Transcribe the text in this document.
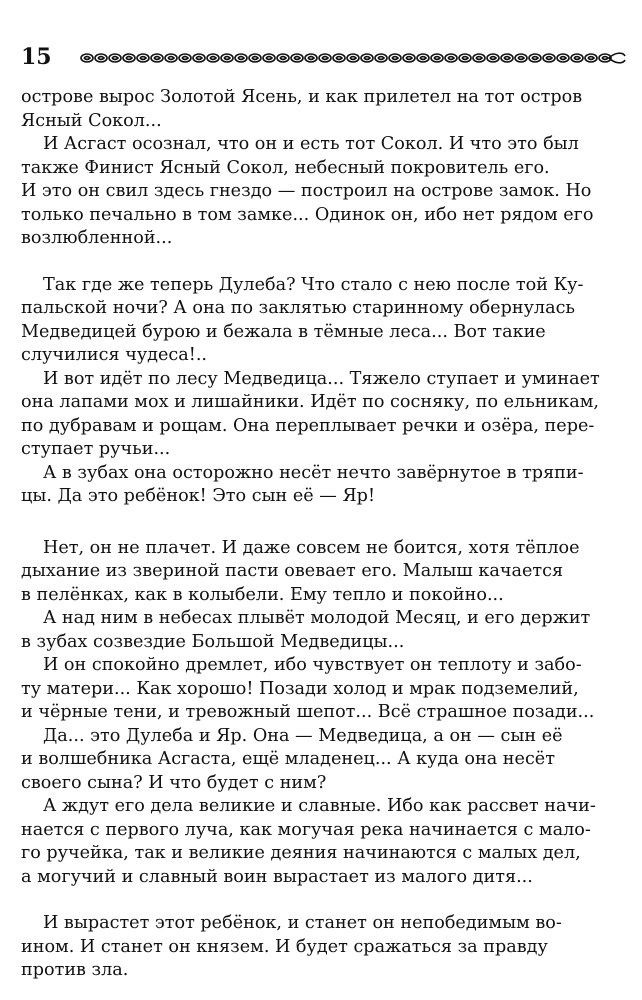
15
острове вырос Золотой Ясень, и как прилетел на тот остров
Ясный Сокол...
И Асгаст осознал, что он и есть тот Сокол. И что это был
также Финист Ясный Сокол, небесный покровитель его.
И это он свил здесь гнездо — построил на острове замок. Но
только печально в том замке... Одинок он, ибо нет рядом его
возлюбленной...
Так где же теперь Дулеба? Что стало с нею после той Ку-
пальской ночи? А она по заклятью старинному обернулась
Медведицей бурою и бежала в тёмные леса... Вот такие
случилися чудеса!..
И вот идёт по лесу Медведица... Тяжело ступает и уминает
она лапами мох и лишайники. Идёт по сосняку, по ельникам,
по дубравам и рощам. Она переплывает речки и озёра, пере-
ступает ручьи...
А в зубах она осторожно несёт нечто завёрнутое в тряпи-
цы. Да это ребёнок! Это сын её — Яр!
Нет, он не плачет. И даже совсем не боится, хотя тёплое
дыхание из звериной пасти овевает его. Малыш качается
в пелёнках, как в колыбели. Ему тепло и покойно...
А над ним в небесах плывёт молодой Месяц, и его держит
в зубах созвездие Большой Медведицы...
И он спокойно дремлет, ибо чувствует он теплоту и забо-
ту матери... Как хорошо! Позади холод и мрак подземелий,
и чёрные тени, и тревожный шепот... Всё страшное позади...
Да... это Дулеба и Яр. Она — Медведица, а он — сын её
и волшебника Асгаста, ещё младенец... А куда она несёт
своего сына? И что будет с ним?
А ждут его дела великие и славные. Ибо как рассвет начи-
нается с первого луча, как могучая река начинается с мало-
го ручейка, так и великие деяния начинаются с малых дел,
а могучий и славный воин вырастает из малого дитя...
И вырастет этот ребёнок, и станет он непобедимым во-
ином. И станет он князем. И будет сражаться за правду
против зла.
